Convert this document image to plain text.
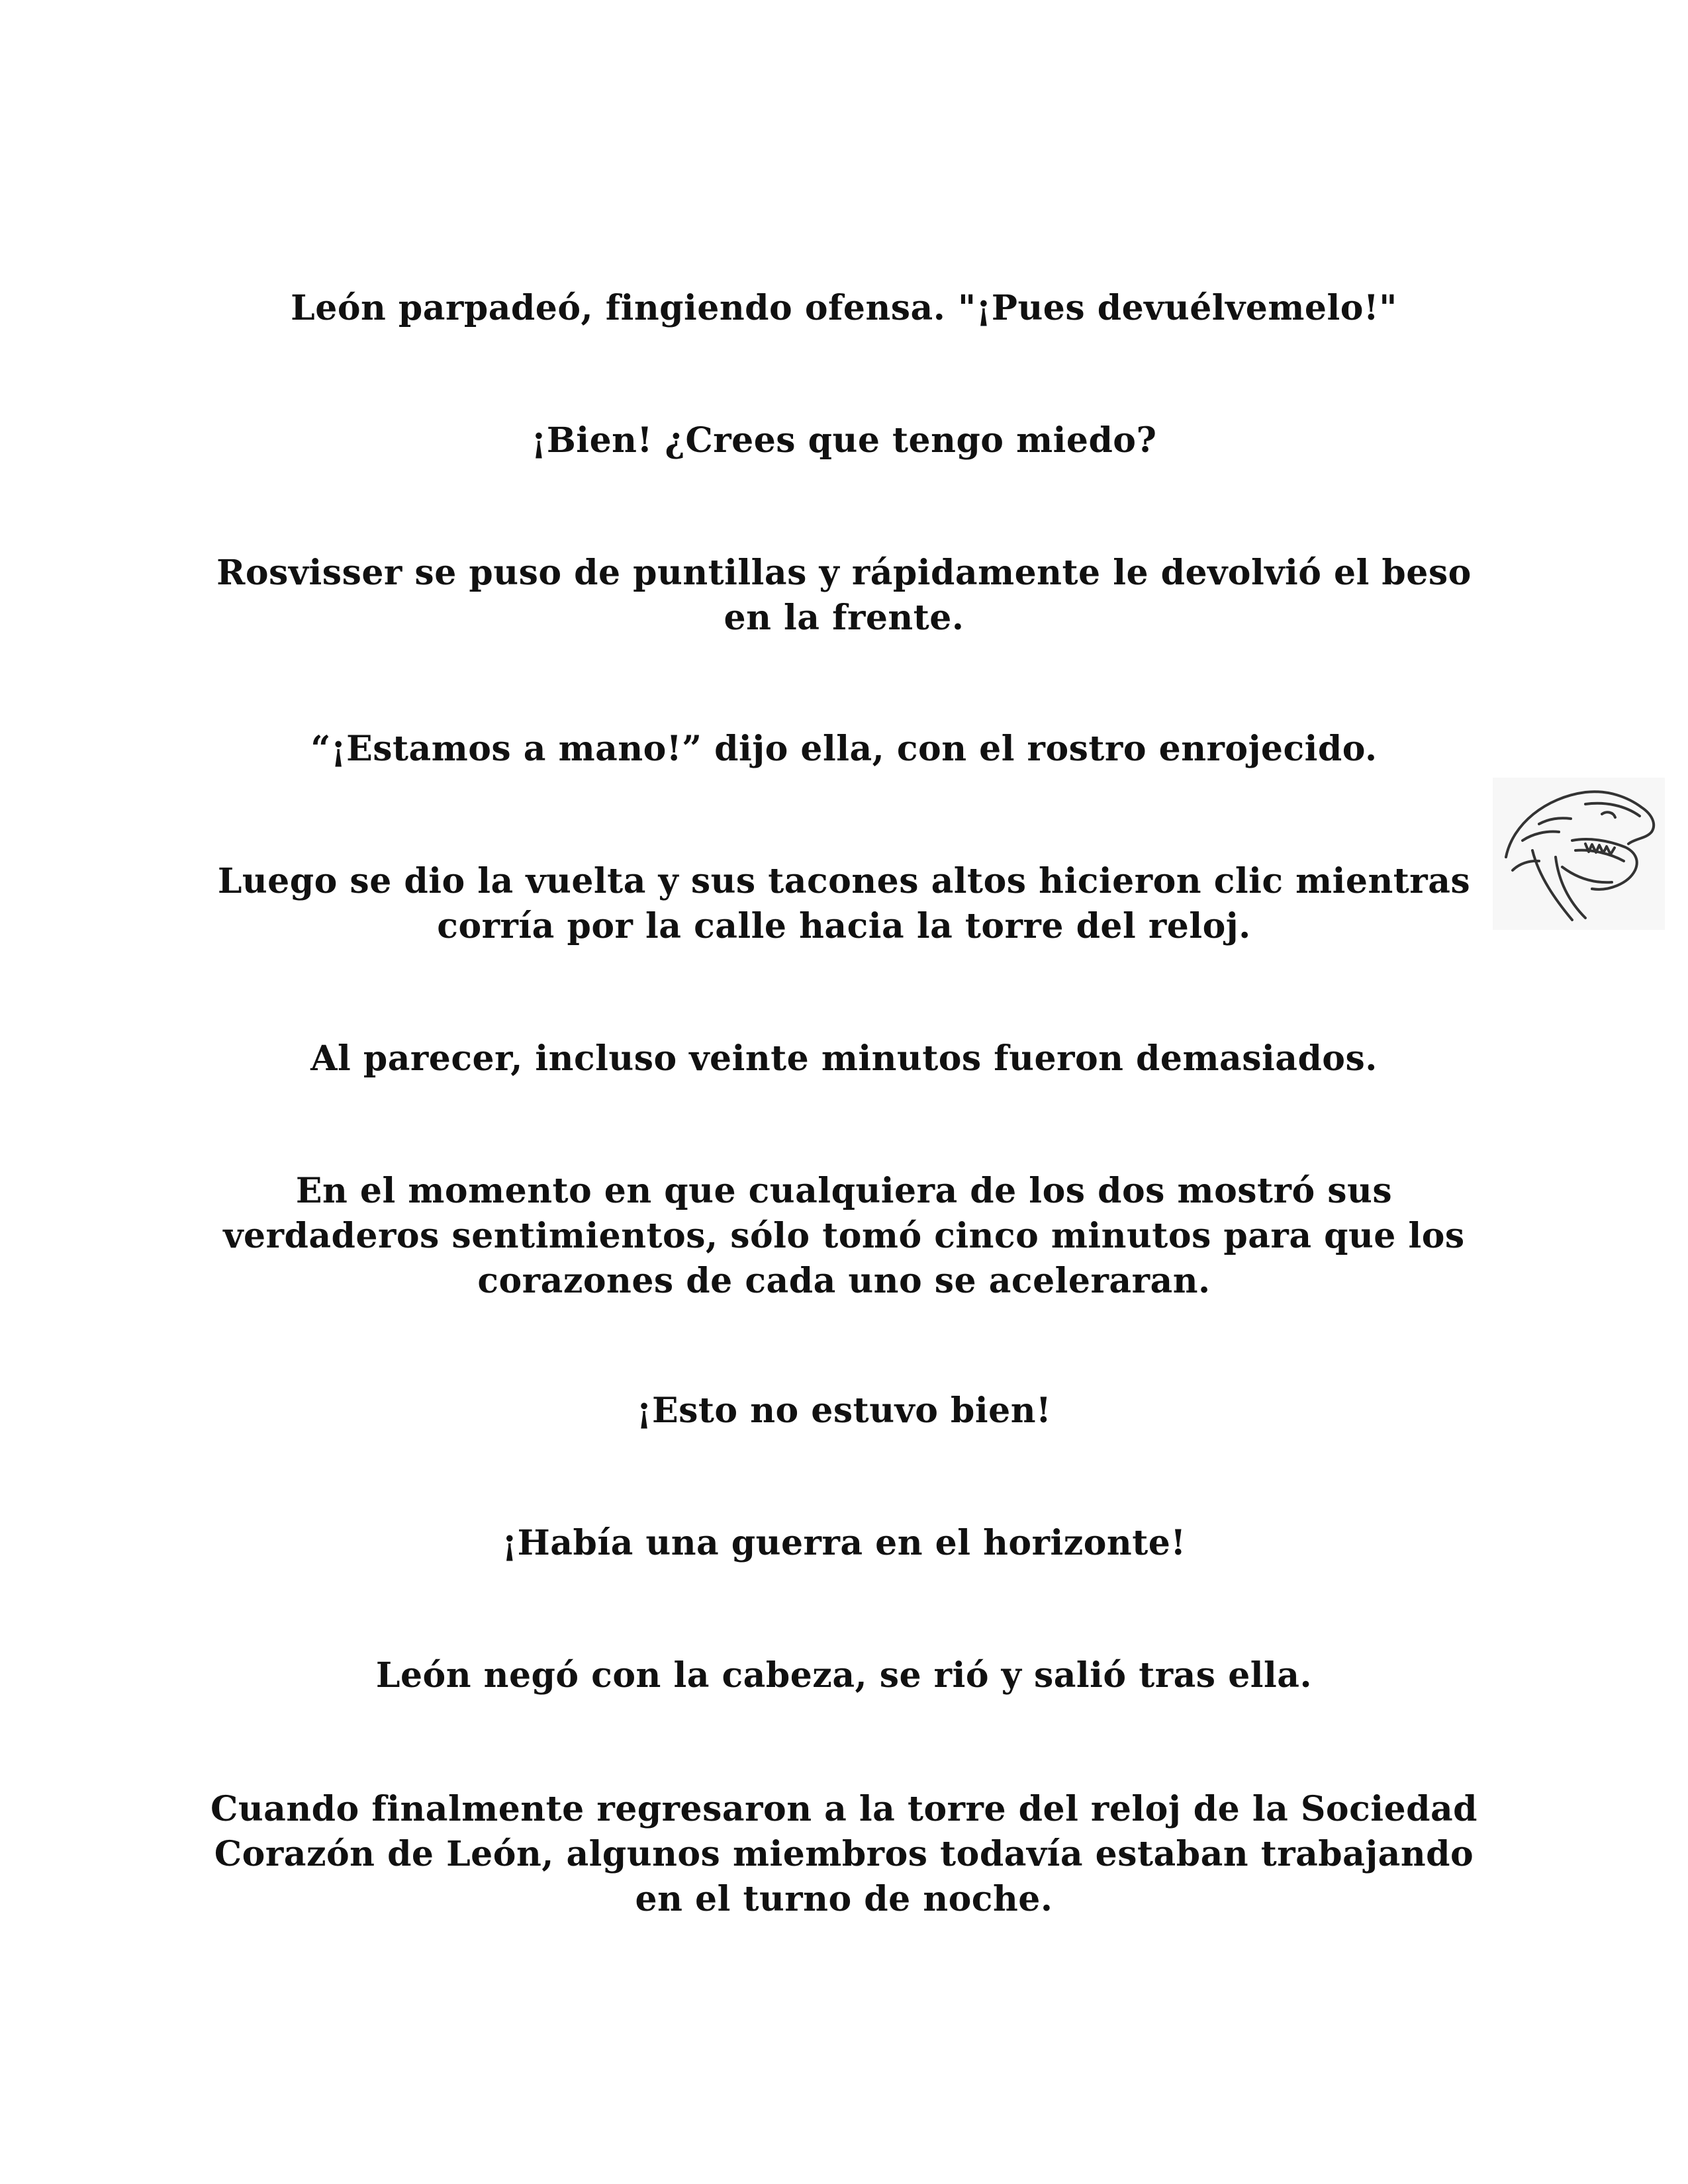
León parpadeó, fingiendo ofensa. "¡Pues devuélvemelo!"

¡Bien! ¿Crees que tengo miedo?

Rosvisser se puso de puntillas y rápidamente le devolvió el beso en la frente.

“¡Estamos a mano!” dijo ella, con el rostro enrojecido.

Luego se dio la vuelta y sus tacones altos hicieron clic mientras corría por la calle hacia la torre del reloj.

Al parecer, incluso veinte minutos fueron demasiados.

En el momento en que cualquiera de los dos mostró sus verdaderos sentimientos, sólo tomó cinco minutos para que los corazones de cada uno se aceleraran.

¡Esto no estuvo bien!

¡Había una guerra en el horizonte!

León negó con la cabeza, se rió y salió tras ella.

Cuando finalmente regresaron a la torre del reloj de la Sociedad Corazón de León, algunos miembros todavía estaban trabajando en el turno de noche.
